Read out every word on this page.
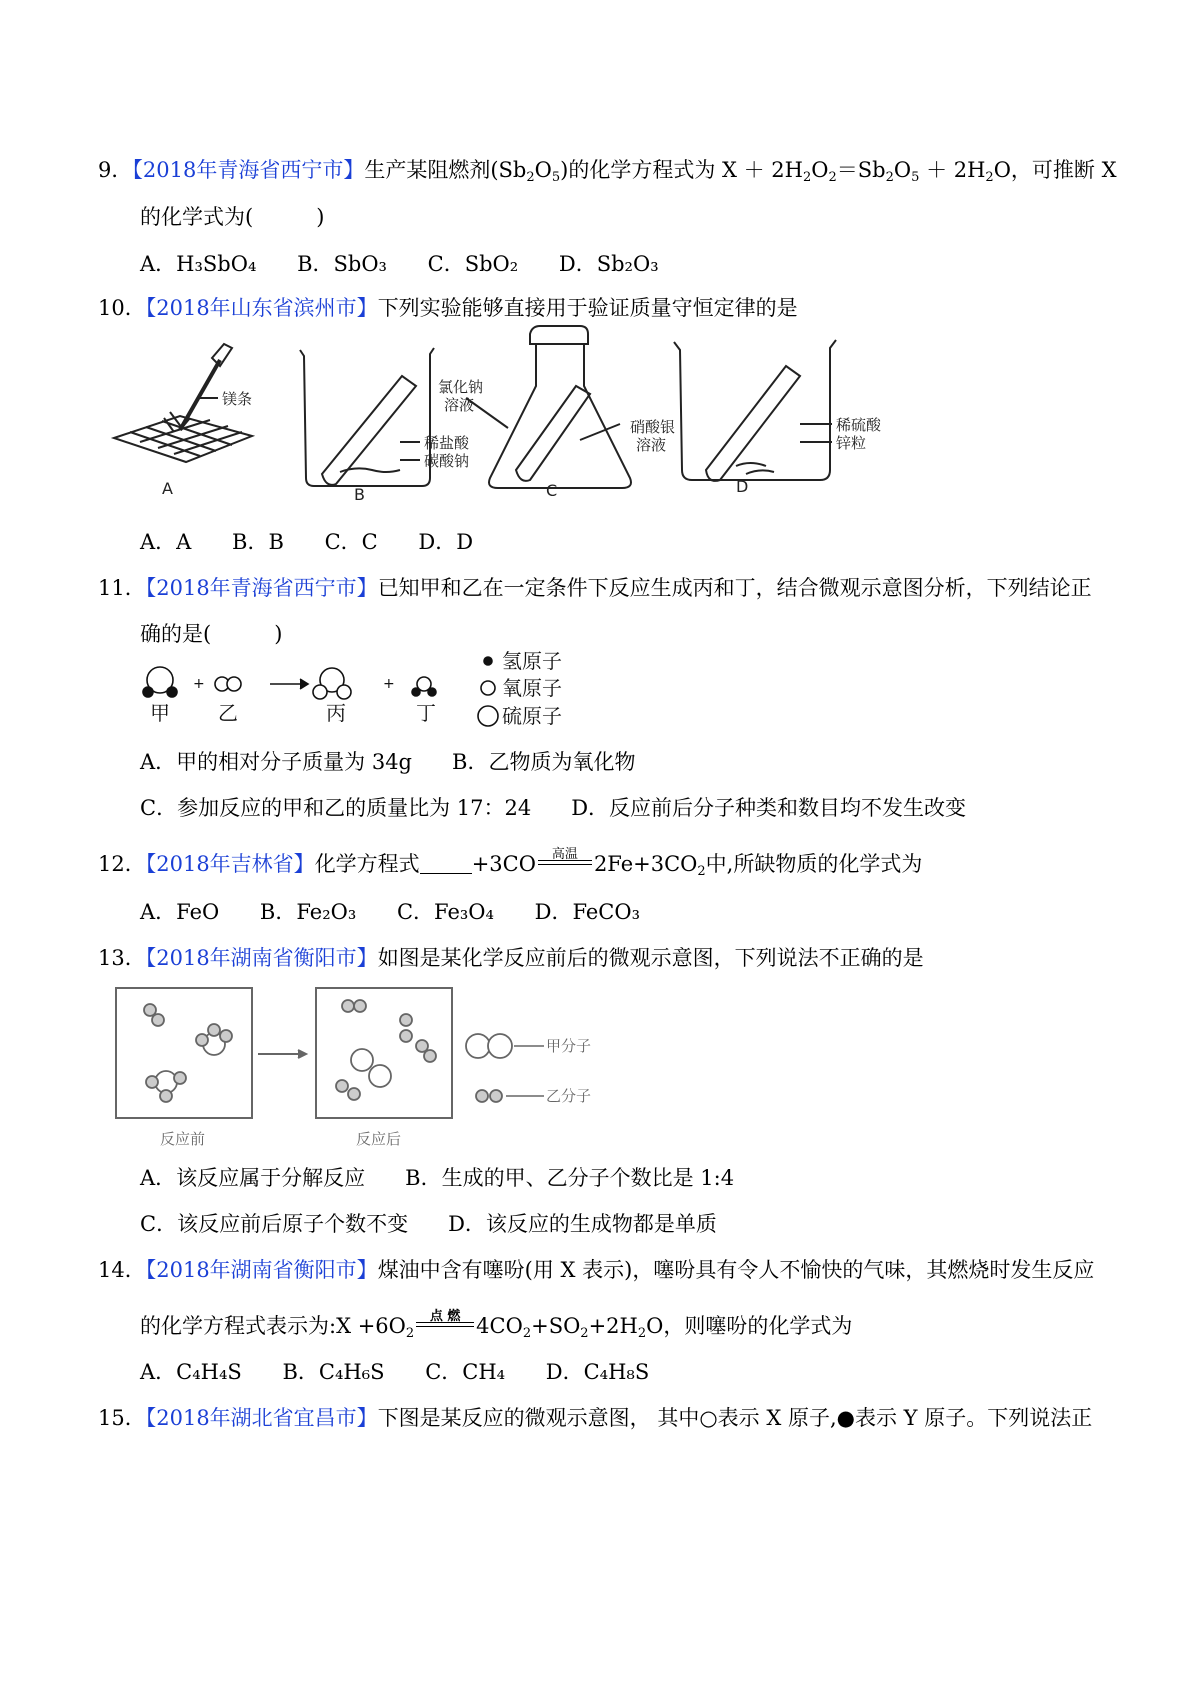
9．【2018年青海省西宁市】生产某阻燃剂$(Sb_2O_5)$的化学方程式为 $X + 2H_2O_2=Sb_2O_5 + 2H_2O$，可推断 X
的化学式为(　　　)
A．H₃SbO₄ B．SbO₃ C．SbO₂ D．Sb₂O₃
10．【2018年山东省滨州市】下列实验能够直接用于验证质量守恒定律的是
镁条
A
稀盐酸
碳酸钠
B
氯化钠
溶液
硝酸银
溶液
C
稀硫酸
锌粒
D
A．A B．B C．C D．D
11．【2018年青海省西宁市】已知甲和乙在一定条件下反应生成丙和丁，结合微观示意图分析，下列结论正
确的是(　　　)
+	+
甲 乙	丙	丁
氢原子
氧原子
硫原子
A．甲的相对分子质量为 34g B．乙物质为氧化物
C．参加反应的甲和乙的质量比为 17：24 D．反应前后分子种类和数目均不发生改变
12．【2018年吉林省】化学方程式 +3CO	高温 $2Fe+3CO_2$中,所缺物质的化学式为
A．FeO B．Fe₂O₃ C．Fe₃O₄ D．FeCO₃
13．【2018年湖南省衡阳市】如图是某化学反应前后的微观示意图，下列说法不正确的是
反应前	反应后
甲分子
乙分子
A．该反应属于分解反应 B．生成的甲、乙分子个数比是 1:4
C．该反应前后原子个数不变 D．该反应的生成物都是单质
14．【2018年湖南省衡阳市】煤油中含有噻吩(用 X 表示)，噻吩具有令人不愉快的气味，其燃烧时发生反应
的化学方程式表示为:X $+6O_2$
点 燃 $4CO_2+SO_2+2H_2O$，则噻吩的化学式为
A．C₄H₄S B．C₄H₆S C．CH₄ D．C₄H₈S
15．【2018年湖北省宜昌市】下图是某反应的微观示意图， 其中○表示 X 原子,●表示 Y 原子。下列说法正
